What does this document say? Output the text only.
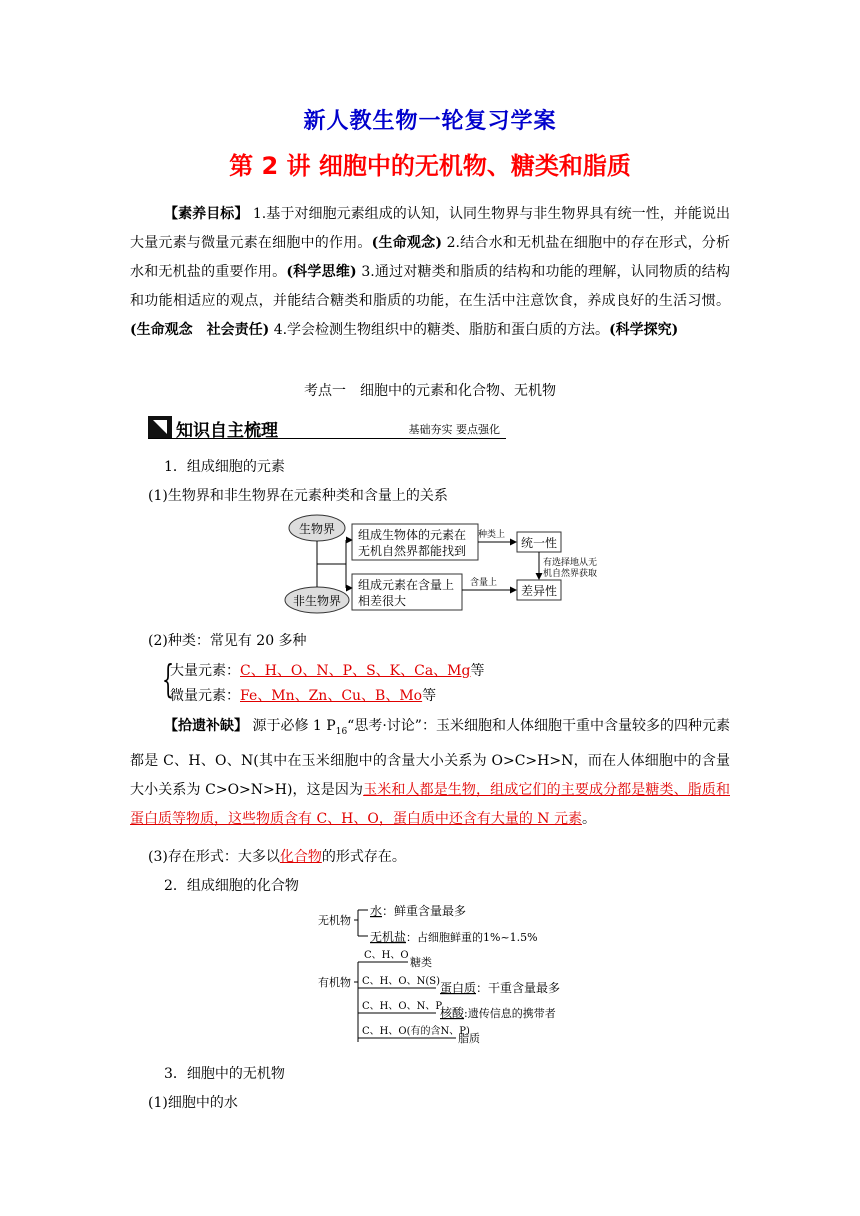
新人教生物一轮复习学案
第 2 讲 细胞中的无机物、糖类和脂质
【素养目标】 1.基于对细胞元素组成的认知，认同生物界与非生物界具有统一性，并能说出大量元素与微量元素在细胞中的作用。(生命观念) 2.结合水和无机盐在细胞中的存在形式，分析水和无机盐的重要作用。(科学思维) 3.通过对糖类和脂质的结构和功能的理解，认同物质的结构和功能相适应的观点，并能结合糖类和脂质的功能，在生活中注意饮食，养成良好的生活习惯。(生命观念　社会责任) 4.学会检测生物组织中的糖类、脂肪和蛋白质的方法。(科学探究)
考点一　细胞中的元素和化合物、无机物
知识自主梳理	基础夯实 要点强化
1．组成细胞的元素
(1)生物界和非生物界在元素种类和含量上的关系
生物界
非生物界
组成生物体的元素在
无机自然界都能找到
组成元素在含量上
相差很大
种类上
含量上
统一性
差异性
有选择地从无
机自然界获取
(2)种类：常见有 20 多种
{
大量元素：C、H、O、N、P、S、K、Ca、Mg等
微量元素：Fe、Mn、Zn、Cu、B、Mo等
【拾遗补缺】 源于必修 1 $P_{16}“$思考·讨论”：玉米细胞和人体细胞干重中含量较多的四种元素都是 C、H、O、N(其中在玉米细胞中的含量大小关系为 O>C>H>N，而在人体细胞中的含量大小关系为 C>O>N>H)，这是因为玉米和人都是生物，组成它们的主要成分都是糖类、脂质和蛋白质等物质，这些物质含有 C、H、O，蛋白质中还含有大量的 N 元素。
(3)存在形式：大多以化合物的形式存在。
2．组成细胞的化合物
无机物
有机物
水 ：鲜重含量最多
无机盐 ：占细胞鲜重的1%~1.5%
C、H、O
糖类
C、H、O、N(S) 蛋白质 ：干重含量最多
C、H、O、N、P
核酸 :遗传信息的携带者
C、H、O(有的含N、P)
脂质
3．细胞中的无机物
(1)细胞中的水
